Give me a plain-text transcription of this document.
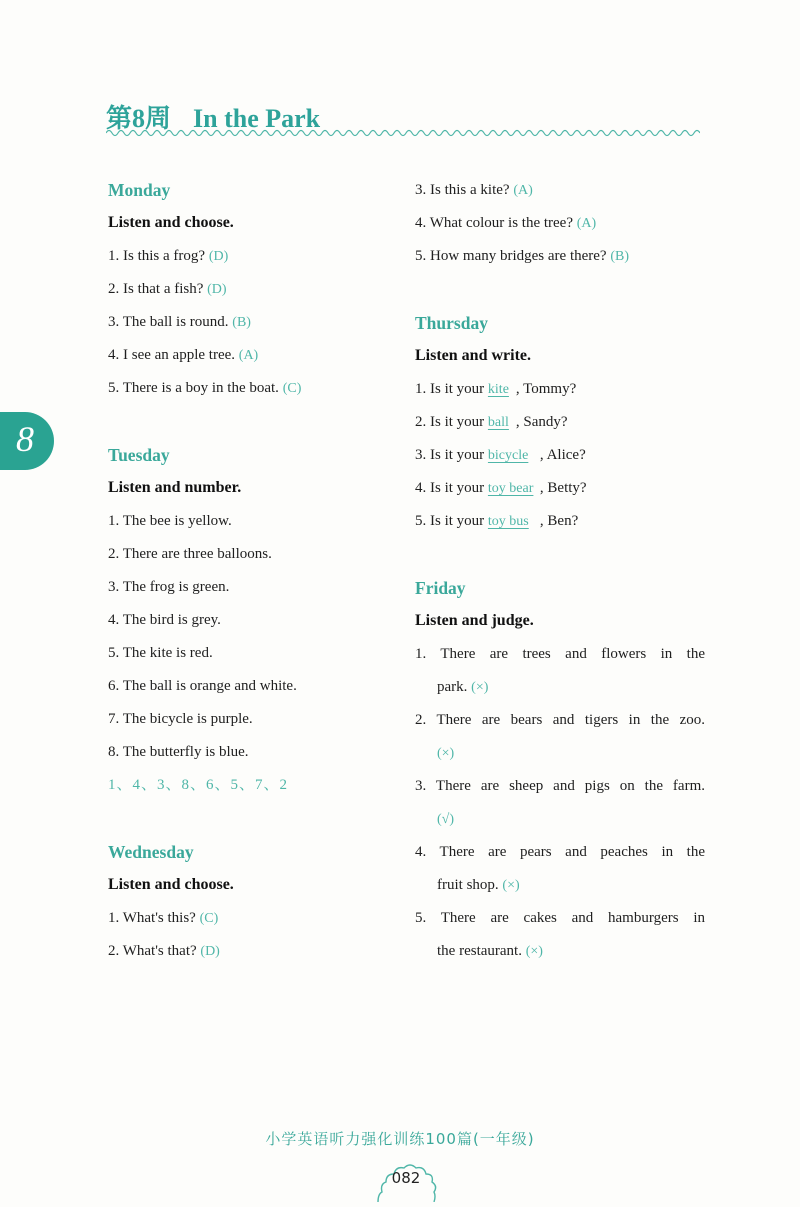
第8周 In the Park
8
Monday
Listen and choose.
1. Is this a frog? (D)
2. Is that a fish? (D)
3. The ball is round. (B)
4. I see an apple tree. (A)
5. There is a boy in the boat. (C)
Tuesday
Listen and number.
1. The bee is yellow.
2. There are three balloons.
3. The frog is green.
4. The bird is grey.
5. The kite is red.
6. The ball is orange and white.
7. The bicycle is purple.
8. The butterfly is blue.
1、4、3、8、6、5、7、2
Wednesday
Listen and choose.
1. What's this? (C)
2. What's that? (D)
3. Is this a kite? (A)
4. What colour is the tree? (A)
5. How many bridges are there? (B)
Thursday
Listen and write.
1. Is it your kite , Tommy?
2. Is it your ball , Sandy?
3. Is it your bicycle , Alice?
4. Is it your toy bear , Betty?
5. Is it your toy bus , Ben?
Friday
Listen and judge.
1. There are trees and flowers in the
park. (×)
2. There are bears and tigers in the zoo.
(×)
3. There are sheep and pigs on the farm.
(√)
4. There are pears and peaches in the
fruit shop. (×)
5. There are cakes and hamburgers in
the restaurant. (×)
小学英语听力强化训练100篇(一年级)
082
